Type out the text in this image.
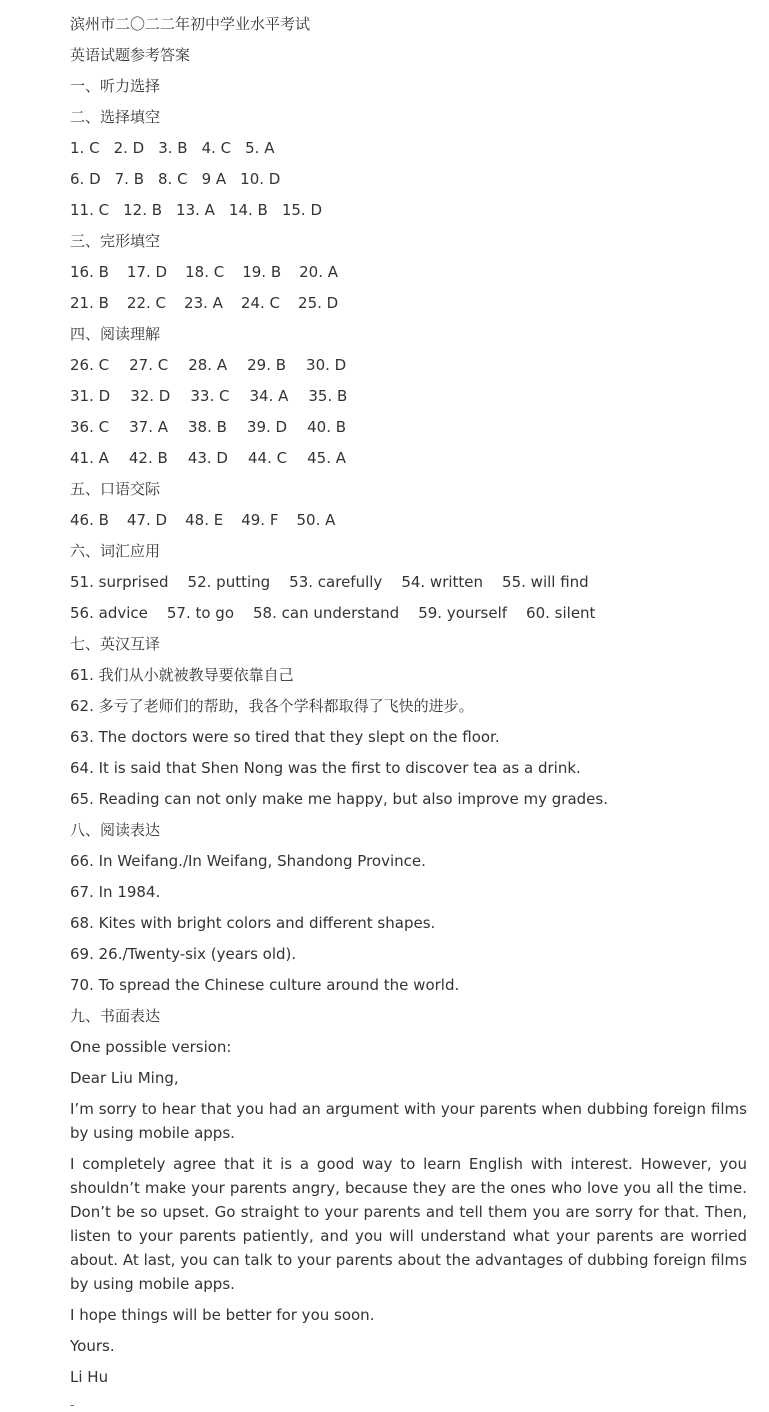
滨州市二〇二二年初中学业水平考试
英语试题参考答案
一、听力选择
二、选择填空
1. C 2. D 3. B 4. C 5. A
6. D 7. B 8. C 9 A 10. D
11. C 12. B 13. A 14. B 15. D
三、完形填空
16. B 17. D 18. C 19. B 20. A
21. B 22. C 23. A 24. C 25. D
四、阅读理解
26. C 27. C 28. A 29. B 30. D
31. D 32. D 33. C 34. A 35. B
36. C 37. A 38. B 39. D 40. B
41. A 42. B 43. D 44. C 45. A
五、口语交际
46. B 47. D 48. E 49. F 50. A
六、词汇应用
51. surprised 52. putting 53. carefully 54. written 55. will find
56. advice 57. to go 58. can understand 59. yourself 60. silent
七、英汉互译
61. 我们从小就被教导要依靠自己
62. 多亏了老师们的帮助，我各个学科都取得了飞快的进步。
63. The doctors were so tired that they slept on the floor.
64. It is said that Shen Nong was the first to discover tea as a drink.
65. Reading can not only make me happy, but also improve my grades.
八、阅读表达
66. In Weifang./In Weifang, Shandong Province.
67. In 1984.
68. Kites with bright colors and different shapes.
69. 26./Twenty-six (years old).
70. To spread the Chinese culture around the world.
九、书面表达
One possible version:
Dear Liu Ming,
I’m sorry to hear that you had an argument with your parents when dubbing foreign films by using mobile apps.
I completely agree that it is a good way to learn English with interest. However, you shouldn’t make your parents angry, because they are the ones who love you all the time. Don’t be so upset. Go straight to your parents and tell them you are sorry for that. Then, listen to your parents patiently, and you will understand what your parents are worried about. At last, you can talk to your parents about the advantages of dubbing foreign films by using mobile apps.
I hope things will be better for you soon.
Yours.
Li Hu
-
